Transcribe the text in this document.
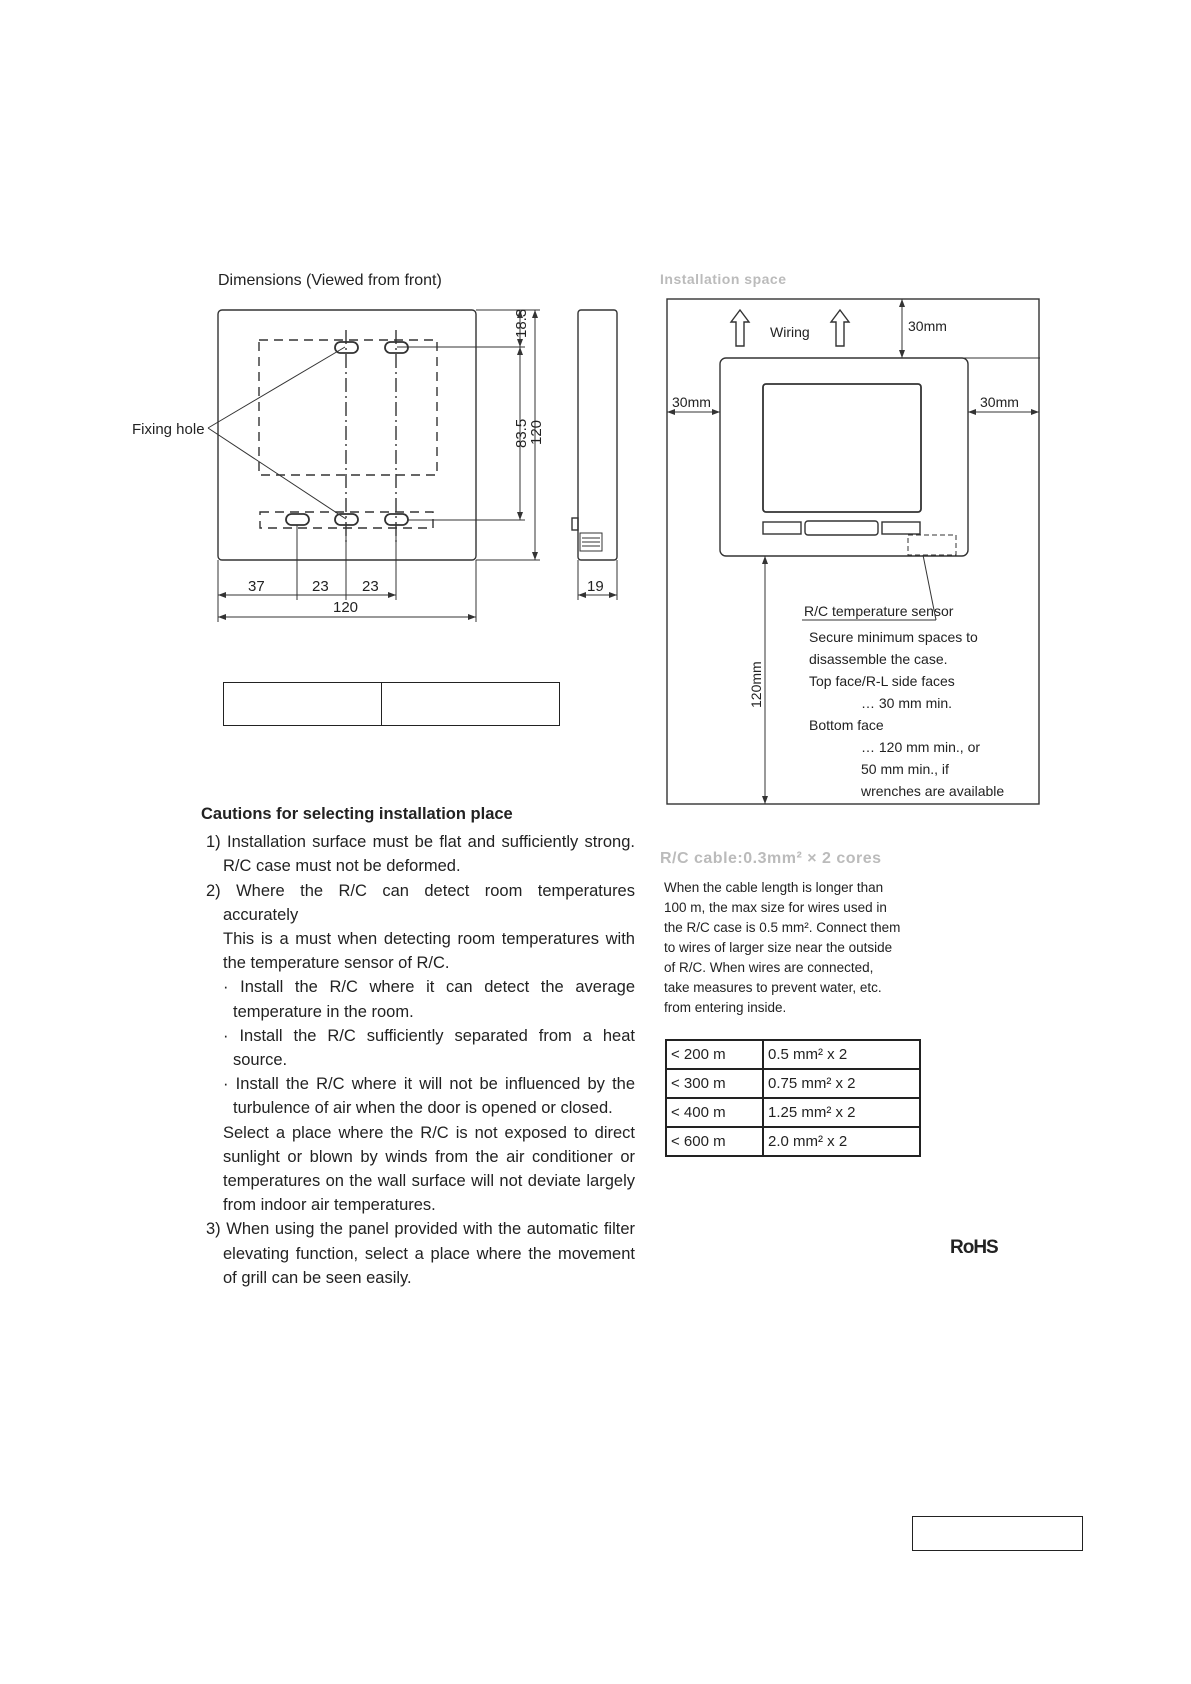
Dimensions (Viewed from front)
Fixing hole
18.3
83.5
120
37	23 23
120
19
Installation space
Wiring	30mm
30mm	30mm
120mm
R/C temperature sensor
Secure minimum spaces to
disassemble the case.
Top face/R-L side faces
… 30 mm min.
Bottom face
… 120 mm min., or
50 mm min., if
wrenches are available
R/C cable:0.3mm² × 2 cores

When the cable length is longer than

100 m, the max size for wires used in

the R/C case is 0.5 mm². Connect them

to wires of larger size near the outside

of R/C. When wires are connected,

take measures to prevent water, etc.

from entering inside.

< 200 m	0.5 mm² x 2
< 300 m	0.75 mm² x 2
< 400 m	1.25 mm² x 2
< 600 m	2.0 mm² x 2
Cautions for selecting installation place
1) Installation surface must be flat and sufficiently strong. R/C case must not be deformed.
2) Where the R/C can detect room temperatures accurately
This is a must when detecting room temperatures with the temperature sensor of R/C.
· Install the R/C where it can detect the average temperature in the room.
· Install the R/C sufficiently separated from a heat source.
· Install the R/C where it will not be influenced by the turbulence of air when the door is opened or closed.
Select a place where the R/C is not exposed to direct sunlight or blown by winds from the air conditioner or temperatures on the wall surface will not deviate largely from indoor air temperatures.
3) When using the panel provided with the automatic filter elevating function, select a place where the movement of grill can be seen easily.
RoHS
